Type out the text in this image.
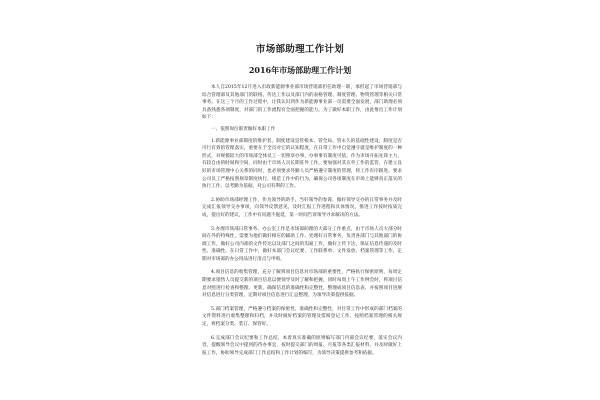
市场部助理工作计划
2016年市场部助理工作计划

本人自2015年12月进入市政新能源事业部市场营销部担任助理一职，承担起了市场营销部与综合管理部及其他部门的联络、传达工作以及部门内的表格管理、制度管理、物资管理等相关日常事务。在这三个月的工作过程中，让我认识到作为新能源事业部一员需要全面发展，部门助理必须具备熟悉各项制度，对部门的工作流程有全面把握的能力。为了做好本职工作，由此推出工作计划如下：

一、依照岗位职责做好本职工作

1.新能源事业部制度的维护者。制度建设是管根本、管全局、管永久的基础性建设，制度是否可行有效的管理落实，重要在于全员对它的认知程度，在日常工作中自觉遵守就是维护制度的一种形式，对规模较大的市场部全体员工一切照章办事，办事事有制度可依，作为市场开拓先锋主力，有较自由的时间和空间，同时由于市场人员长期驻外工作，要加强对其在外工作的监管，在建立良好的市场管理中心关系的同时，也必须要求外勤人员严格遵守制度的管理，将工作有序跟进。要求公司员工严格按照规章制度执行，规范工作中的行为，确保公司各项制度在市场上能够真正落实的执行工作，以考勤为依据，对公司有利的工作。

2.协助市场部经理工作，作为领导的助手，当好领导的参谋，做好领导交办的日常事务并及时完成汇报领导交办事项，向领导反馈意见，及时汇报工作进程和具体情况，推进工作按时按质完成，提出好的建议，工作中有问题不拖延，第一时间告诉领导寻求解决的方法。

3.办理市场部日常事务、办公室工作是市场部助理的大部分工作重点，由于市场人员大部分时间在外的特殊性，需要为他们做好相应的辅助工作，处理好日常事务，负责各部门与其他部门的协调工作，做好公司内部的文件传达以及部门之间的沟通工作，做好上传下达，保证信息传递的及时性、准确性。在日常工作中，做好本部门会议纪要、工作联系单、文件发放、档案管理等工作，定期对市场部的办公用品进行清点与申购。

4.项目信息的收集管理，充分了解到项目信息对市场部的重要性，严格执行保密原则，每周定期要求销售人员提交新的项目信息以便领导及时了解和把握，同时每周上午工作例会时，将项目信息对照进行检查和整理、更新，确保信息的准确性和完整性，整理成项目信息表，并按照项目进展对信息进行分类管理，定期对项目信息进行汇总整理，为领导决策提供依据。

5.部门档案管理，严格遵守档案的保密性、准确性和完整性，对目常工作中形成的部门档案的文件资料进行收集整理和归档，并及时做好档案的管理及借阅登记工作，按照档案管理的相关规定，将档案分类、装订、保管好。

6.完成部门会议纪要和工作总结，本着真实准确的原则编写部门内部会议纪要，落实会议内容，提醒领导会议中提到的待办事宜，按时提交部门的周报、月报等各类汇报材料，并及时做好上报工作，协助领导完成部门工作总结和工作计划的编写，为领导决策提供参考和依据。
